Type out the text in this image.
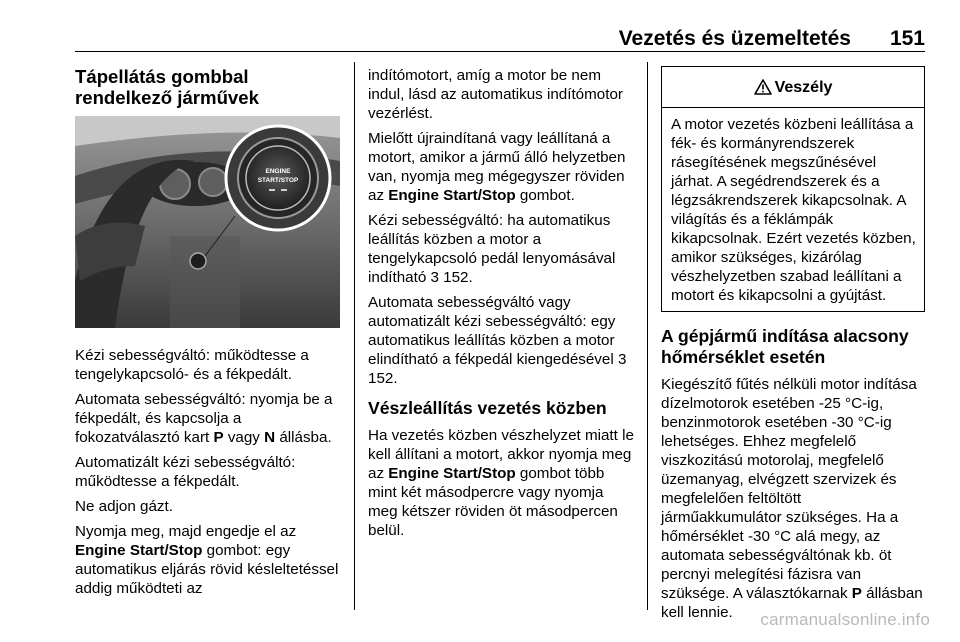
Vezetés és üzemeltetés 151
Tápellátás gombbal rendelkező járművek
ENGINE
START/STOP

Kézi sebességváltó: működtesse a tengelykapcsoló- és a fékpedált.

Automata sebességváltó: nyomja be a fékpedált, és kapcsolja a fokozatválasztó kart P vagy N állásba.

Automatizált kézi sebességváltó: működtesse a fékpedált.

Ne adjon gázt.

Nyomja meg, majd engedje el az Engine Start/Stop gombot: egy automatikus eljárás rövid késleltetéssel addig működteti az

indítómotort, amíg a motor be nem indul, lásd az automatikus indítómotor vezérlést.

Mielőtt újraindítaná vagy leállítaná a motort, amikor a jármű álló helyzetben van, nyomja meg mégegyszer röviden az Engine Start/Stop gombot.

Kézi sebességváltó: ha automatikus leállítás közben a motor a tengelykapcsoló pedál lenyomásával indítható 3 152.

Automata sebességváltó vagy automatizált kézi sebességváltó: egy automatikus leállítás közben a motor elindítható a fékpedál kiengedésével 3 152.

Vészleállítás vezetés közben

Ha vezetés közben vészhelyzet miatt le kell állítani a motort, akkor nyomja meg az Engine Start/Stop gombot több mint két másodpercre vagy nyomja meg kétszer röviden öt másodpercen belül.

Veszély
A motor vezetés közbeni leállítása a fék- és kormányrendszerek rásegítésének megszűnésével járhat. A segédrendszerek és a légzsákrendszerek kikapcsolnak. A világítás és a féklámpák kikapcsolnak. Ezért vezetés közben, amikor szükséges, kizárólag vészhelyzetben szabad leállítani a motort és kikapcsolni a gyújtást.
A gépjármű indítása alacsony hőmérséklet esetén

Kiegészítő fűtés nélküli motor indítása dízelmotorok esetében -25 °C-ig, benzinmotorok esetében -30 °C-ig lehetséges. Ehhez megfelelő viszkozitású motorolaj, megfelelő üzemanyag, elvégzett szervizek és megfelelően feltöltött járműakkumulátor szükséges. Ha a hőmérséklet -30 °C alá megy, az automata sebességváltónak kb. öt percnyi melegítési fázisra van szüksége. A választókarnak P állásban kell lennie.	carmanualsonline.info
